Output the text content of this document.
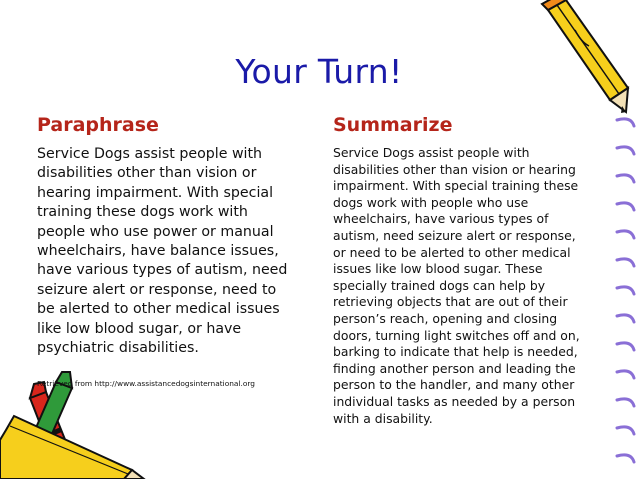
Your Turn!
Paraphrase	Summarize
Service Dogs assist people with
disabilities other than vision or
hearing impairment. With special
training these dogs work with
people who use power or manual
wheelchairs, have balance issues,
have various types of autism, need
seizure alert or response, need to
be alerted to other medical issues
like low blood sugar, or have
psychiatric disabilities.
Retrieved from http://www.assistancedogsinternational.org
Service Dogs assist people with
disabilities other than vision or hearing
impairment. With special training these
dogs work with people who use
wheelchairs, have various types of
autism, need seizure alert or response,
or need to be alerted to other medical
issues like low blood sugar. These
specially trained dogs can help by
retrieving objects that are out of their
person’s reach, opening and closing
doors, turning light switches off and on,
barking to indicate that help is needed,
finding another person and leading the
person to the handler, and many other
individual tasks as needed by a person
with a disability.
